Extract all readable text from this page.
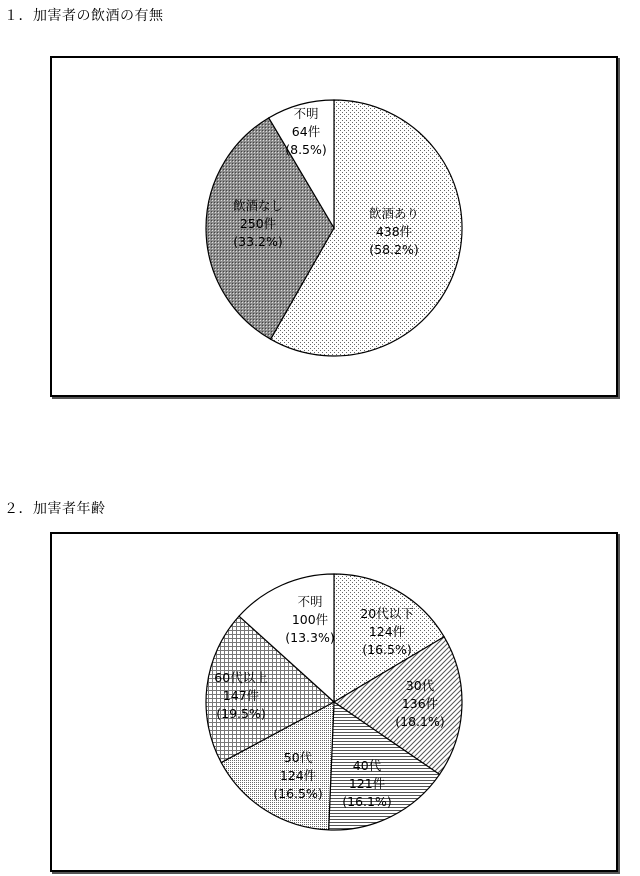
１．加害者の飲酒の有無
飲酒あり
438件
(58.2%)
飲酒なし
250件
(33.2%)
不明
64件
(8.5%)
２．加害者年齢
20代以下
124件
(16.5%)
30代
136件
(18.1%)
40代
121件
(16.1%)
50代
124件
(16.5%)
60代以上
147件
(19.5%)
不明
100件
(13.3%)
